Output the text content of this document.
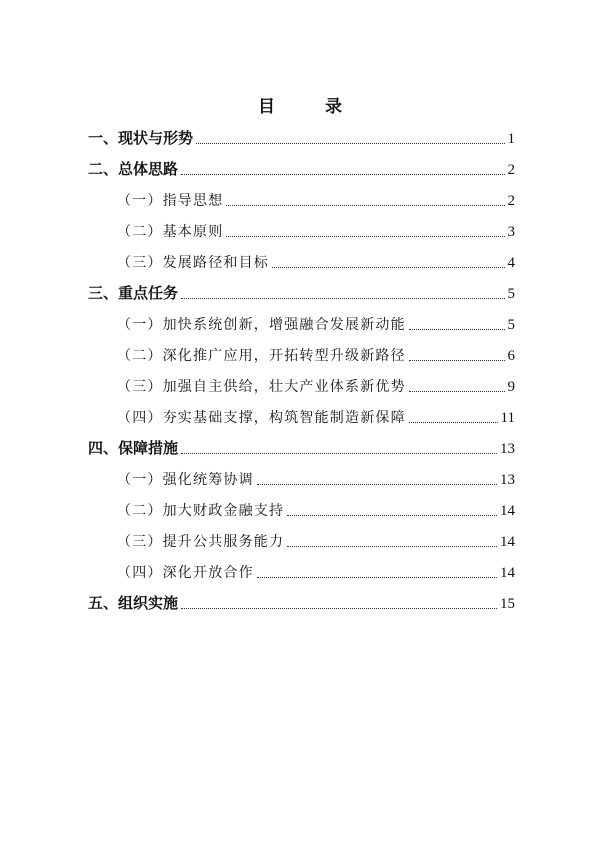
目 录
一、现状与形势	1
二、总体思路	2
（一）指导思想	2
（二）基本原则	3
（三）发展路径和目标	4
三、重点任务	5
（一）加快系统创新，增强融合发展新动能	5
（二）深化推广应用，开拓转型升级新路径	6
（三）加强自主供给，壮大产业体系新优势	9
（四）夯实基础支撑，构筑智能制造新保障	11
四、保障措施	13
（一）强化统筹协调	13
（二）加大财政金融支持	14
（三）提升公共服务能力	14
（四）深化开放合作	14
五、组织实施	15
